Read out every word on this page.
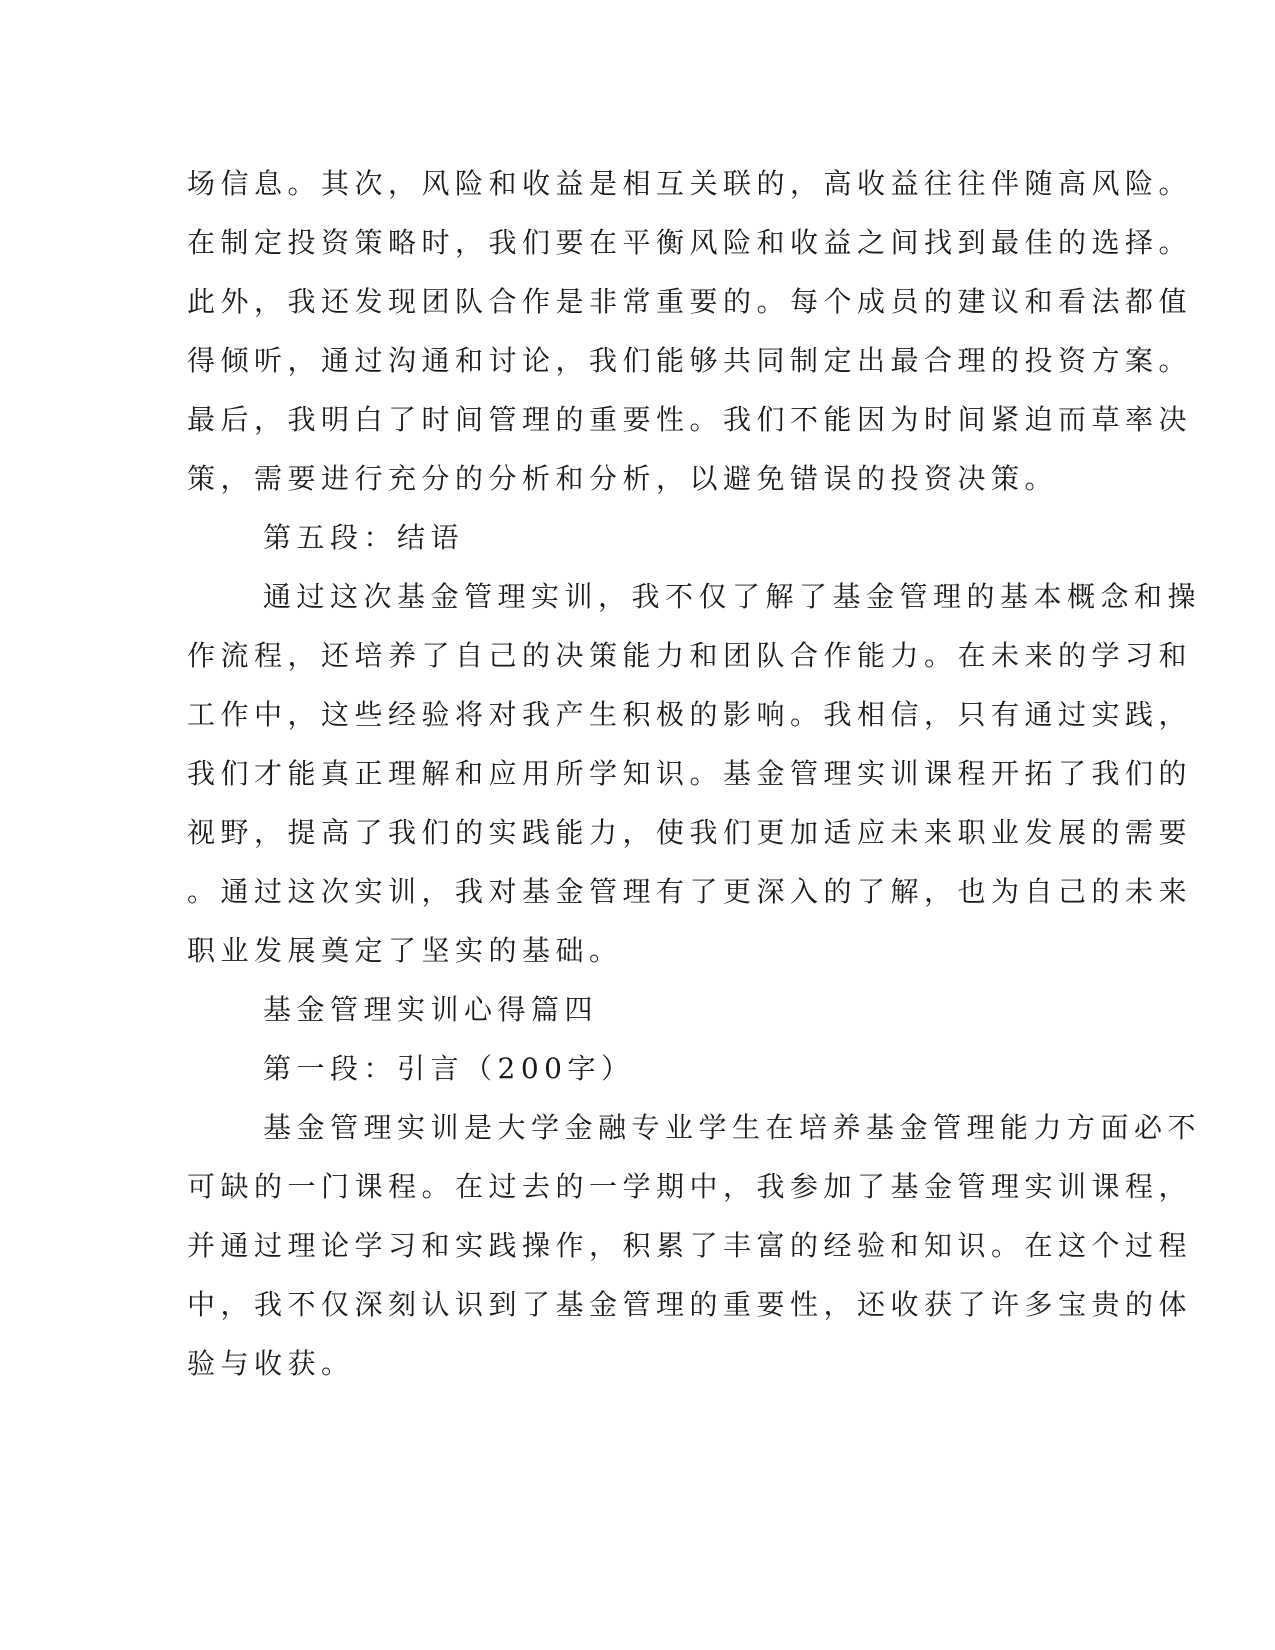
场信息。其次，风险和收益是相互关联的，高收益往往伴随高风险。

在制定投资策略时，我们要在平衡风险和收益之间找到最佳的选择。

此外，我还发现团队合作是非常重要的。每个成员的建议和看法都值

得倾听，通过沟通和讨论，我们能够共同制定出最合理的投资方案。

最后，我明白了时间管理的重要性。我们不能因为时间紧迫而草率决

策，需要进行充分的分析和分析，以避免错误的投资决策。

第五段：结语

通过这次基金管理实训，我不仅了解了基金管理的基本概念和操

作流程，还培养了自己的决策能力和团队合作能力。在未来的学习和

工作中，这些经验将对我产生积极的影响。我相信，只有通过实践，

我们才能真正理解和应用所学知识。基金管理实训课程开拓了我们的

视野，提高了我们的实践能力，使我们更加适应未来职业发展的需要

。通过这次实训，我对基金管理有了更深入的了解，也为自己的未来

职业发展奠定了坚实的基础。

基金管理实训心得篇四

第一段：引言（200字）

基金管理实训是大学金融专业学生在培养基金管理能力方面必不

可缺的一门课程。在过去的一学期中，我参加了基金管理实训课程，

并通过理论学习和实践操作，积累了丰富的经验和知识。在这个过程

中，我不仅深刻认识到了基金管理的重要性，还收获了许多宝贵的体

验与收获。
